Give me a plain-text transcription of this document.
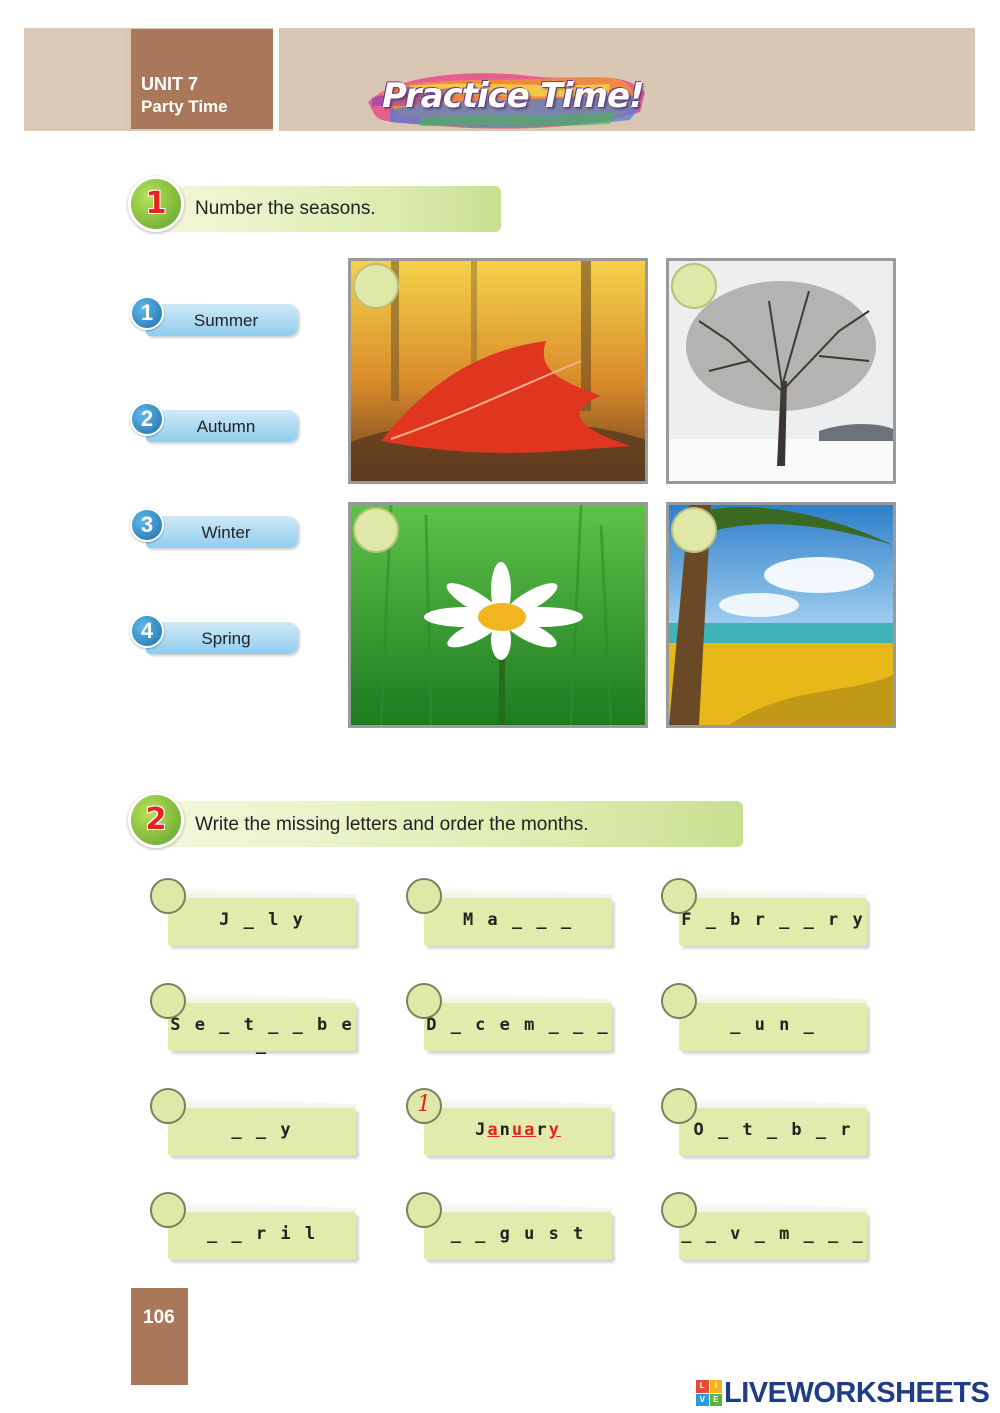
UNIT 7
Party Time	Practice Time!
1	Number the seasons.
Summer
1
Autumn
2
Winter
3
Spring
4
2	Write the missing letters and order the months.
J _ l y	M a _ _ _	F _ b r _ _ r y
S e _ t _ _ b e _
D _ c e m _ _ _	_ u n _
_ _ y	January
1
O _ t _ b _ r
_ _ r i l	_ _ g u s t	_ _ v _ m _ _ _
106
L	I
V	E LIVEWORKSHEETS
